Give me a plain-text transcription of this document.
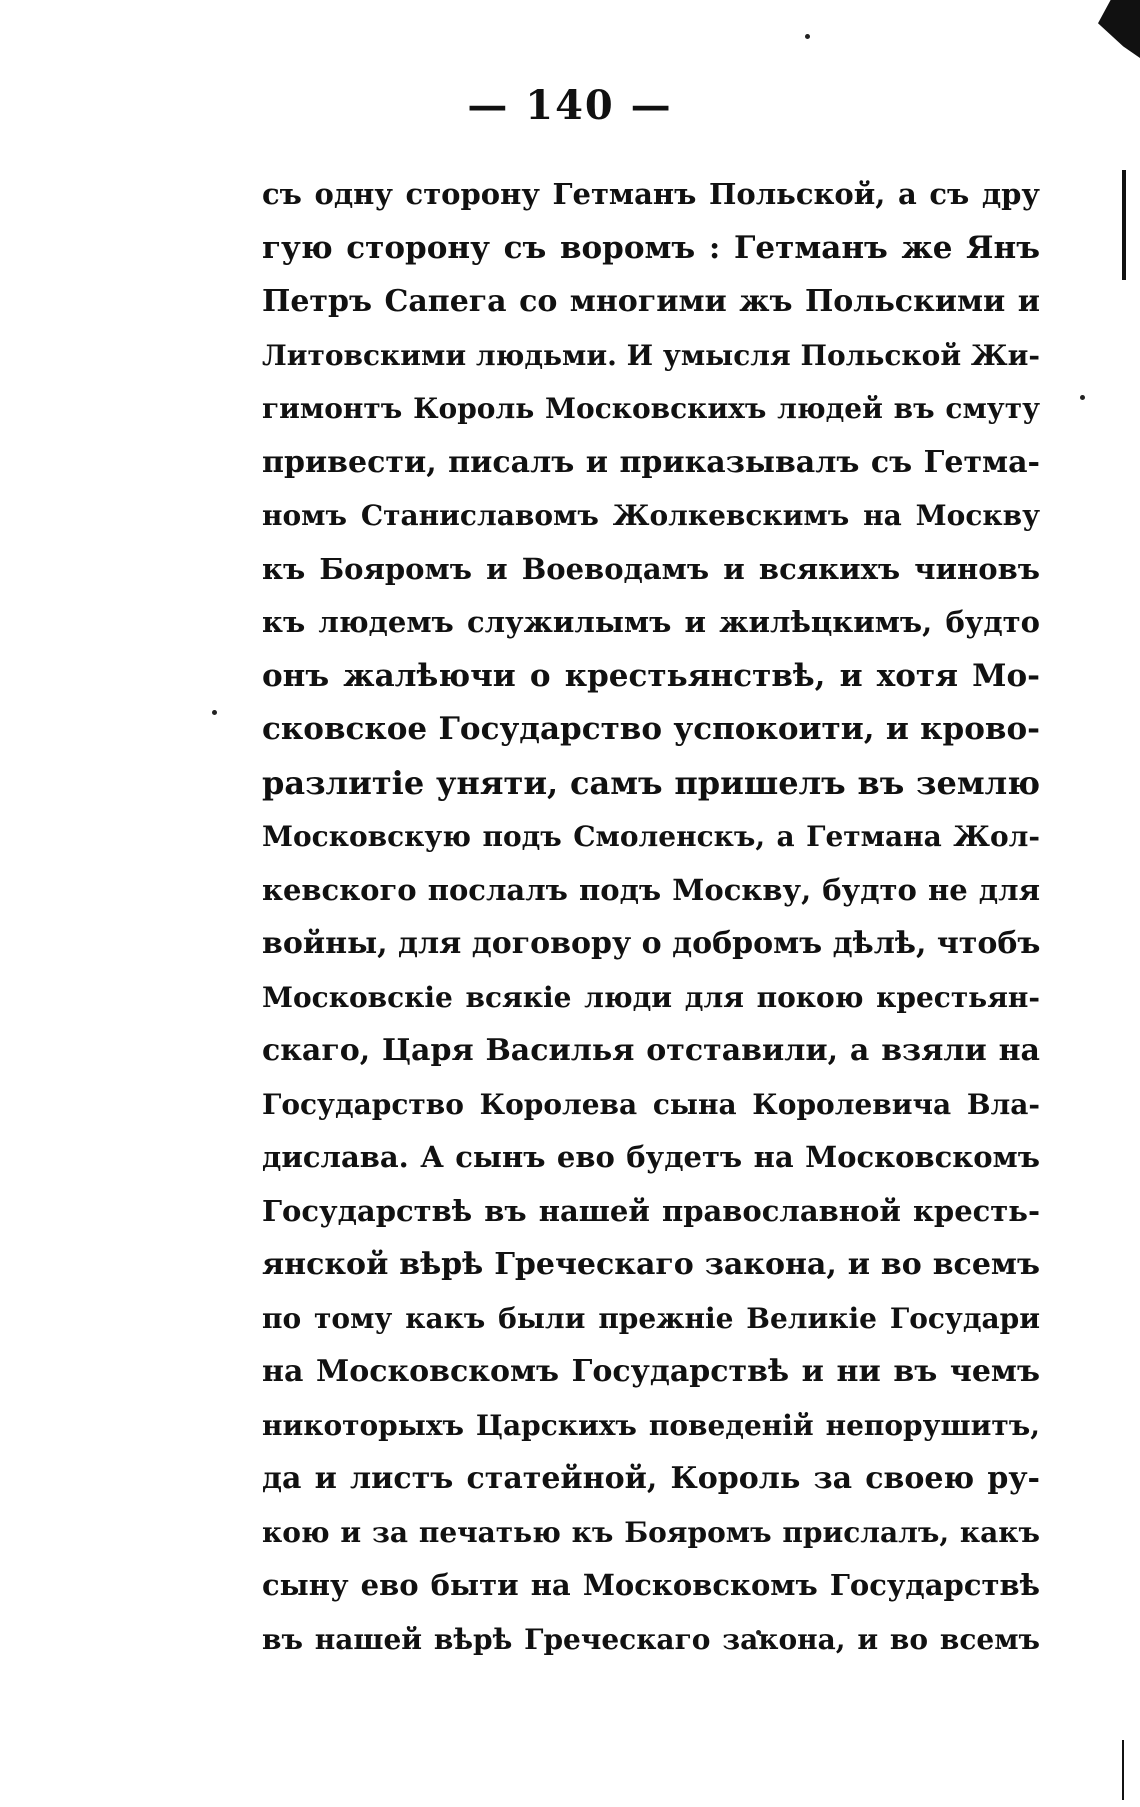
— 140 —
съ одну сторону Гетманъ Польской, а съ дру
гую сторону съ воромъ : Гетманъ же Янъ
Петръ Сапега со многими жъ Польскими и
Литовскими людьми. И умысля Польской Жи-
гимонтъ Король Московскихъ людей въ смуту
привести, писалъ и приказывалъ съ Гетма-
номъ Станиславомъ Жолкевскимъ на Москву
къ Бояромъ и Воеводамъ и всякихъ чиновъ
къ людемъ служилымъ и жилѣцкимъ, будто
онъ жалѣючи о крестьянствѣ, и хотя Мо-
сковское Государство успокоити, и крово-
разлитіе уняти, самъ пришелъ въ землю
Московскую подъ Смоленскъ, а Гетмана Жол-
кевского послалъ подъ Москву, будто не для
войны, для договору о добромъ дѣлѣ, чтобъ
Московскіе всякіе люди для покою крестьян-
скаго, Царя Василья отставили, а взяли на
Государство Королева сына Королевича Вла-
дислава. А сынъ ево будетъ на Московскомъ
Государствѣ въ нашей православной кресть-
янской вѣрѣ Греческаго закона, и во всемъ
по тому какъ были прежніе Великіе Государи
на Московскомъ Государствѣ и ни въ чемъ
никоторыхъ Царскихъ поведеній непорушитъ,
да и листъ статейной, Король за своею ру-
кою и за печатью къ Бояромъ прислалъ, какъ
сыну ево быти на Московскомъ Государствѣ
въ нашей вѣрѣ Греческаго закона, и во всемъ
